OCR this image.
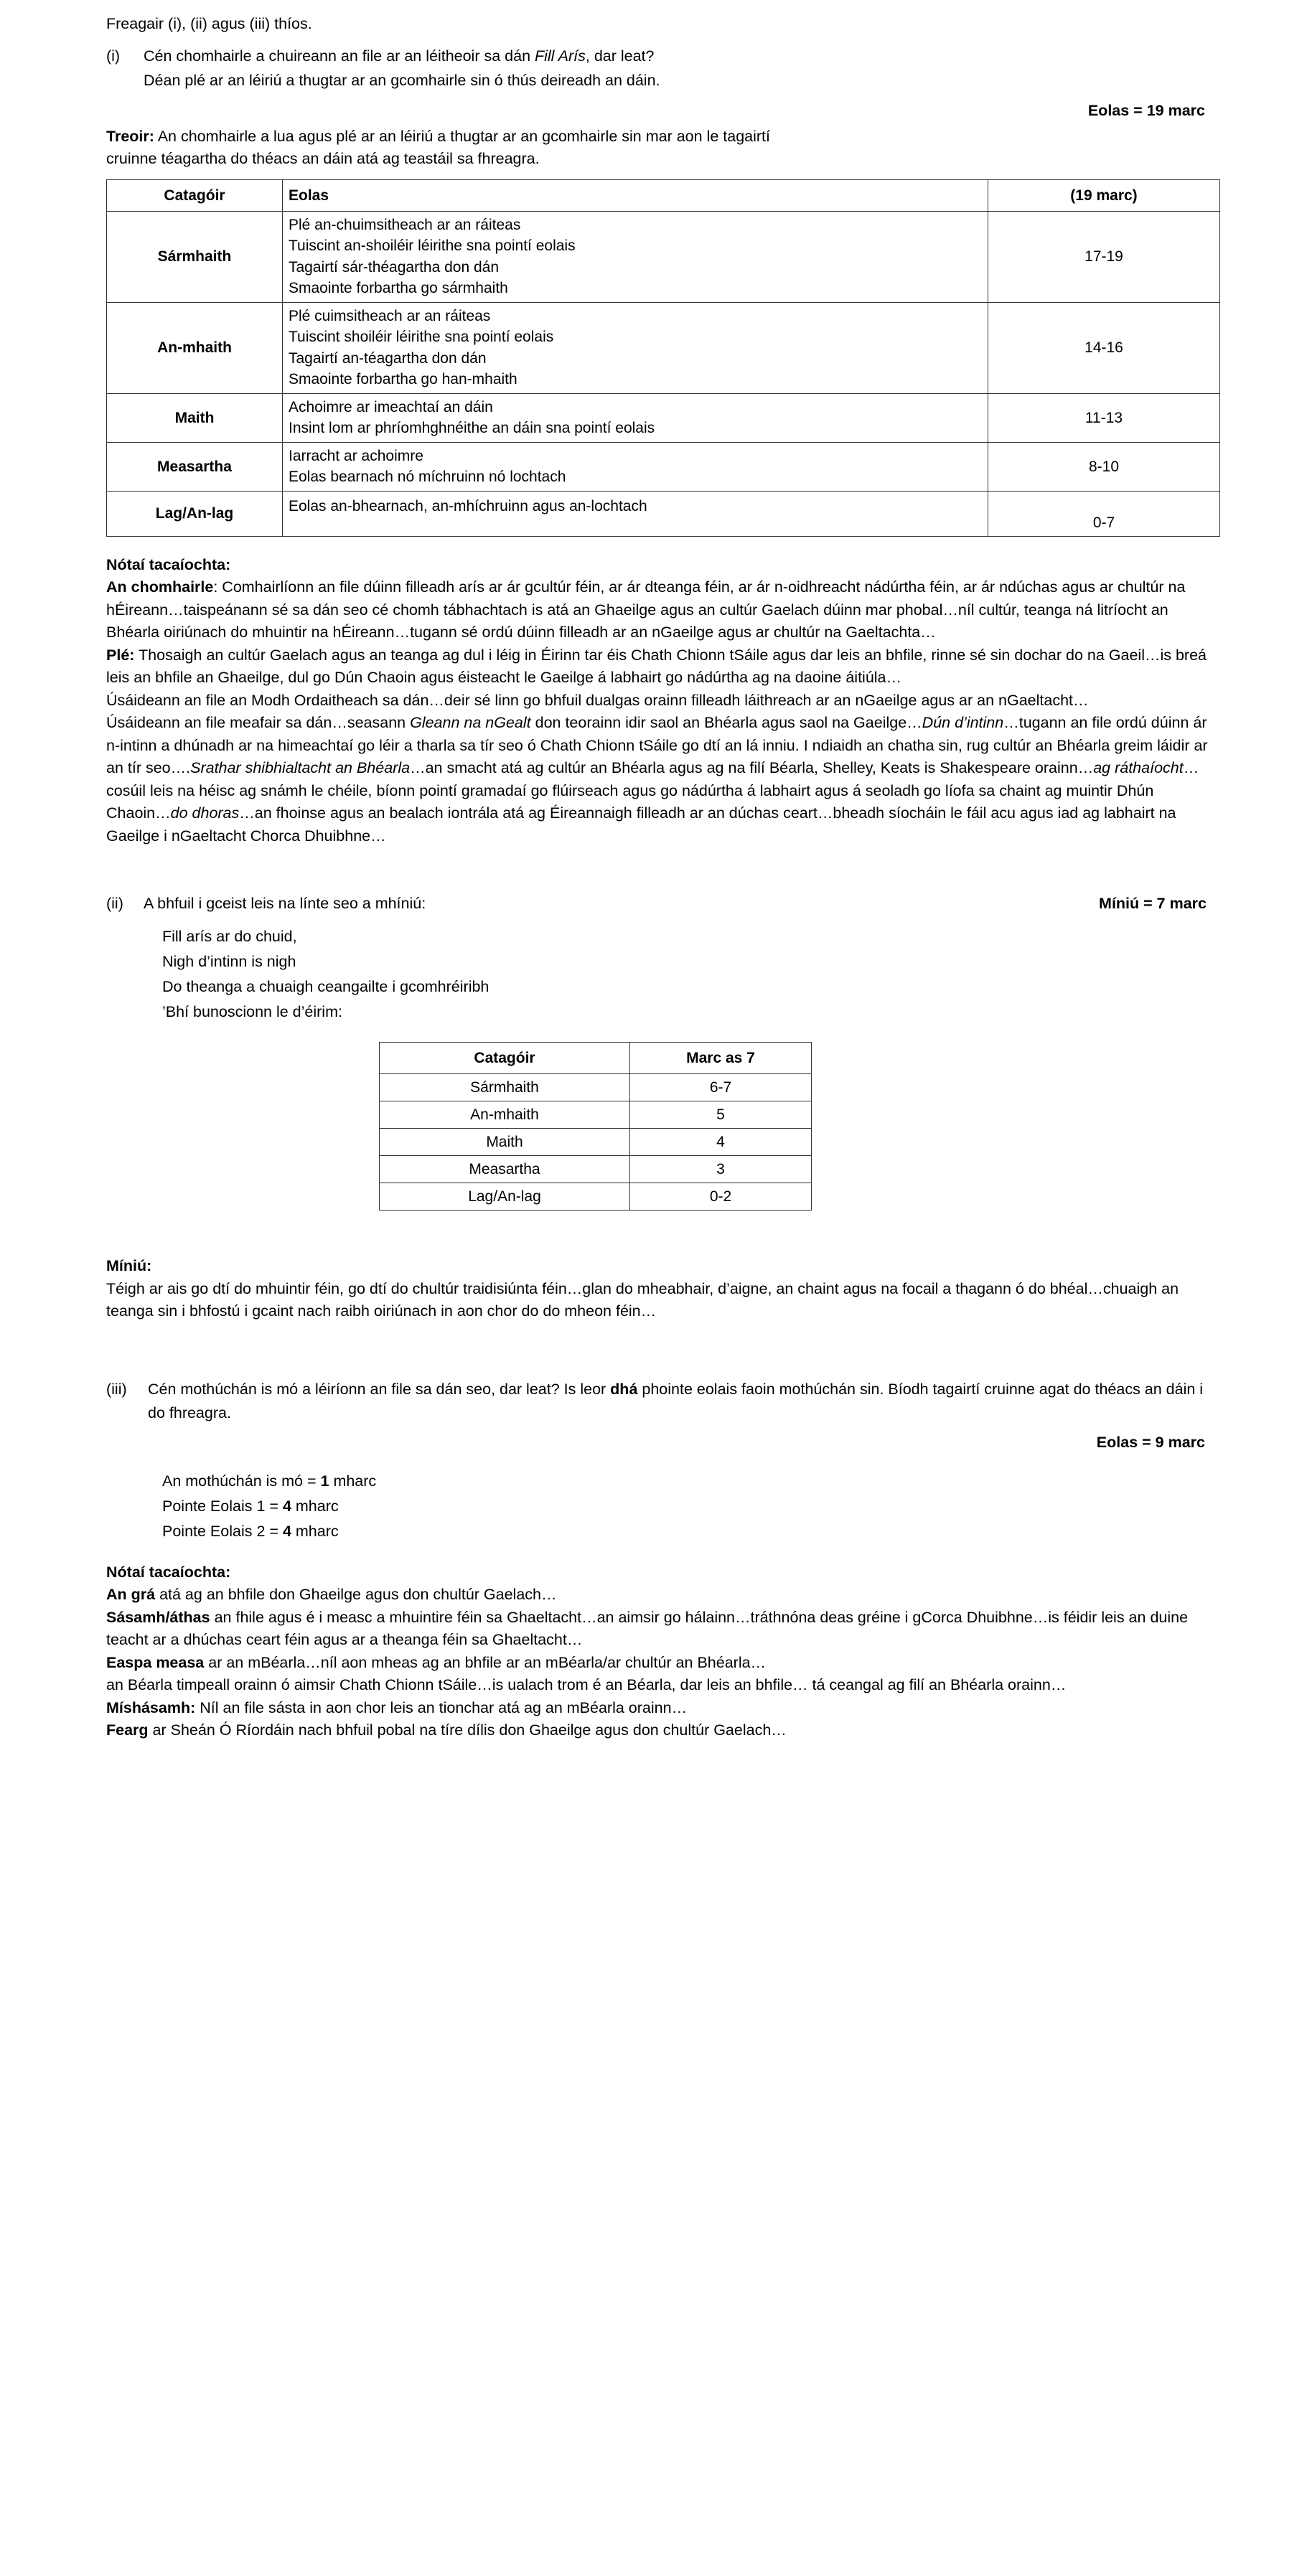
Freagair (i), (ii) agus (iii) thíos.
(i)	Cén chomhairle a chuireann an file ar an léitheoir sa dán Fill Arís, dar leat?
Déan plé ar an léiriú a thugtar ar an gcomhairle sin ó thús deireadh an dáin.
Eolas = 19 marc
Treoir: An chomhairle a lua agus plé ar an léiriú a thugtar ar an gcomhairle sin mar aon le tagairtí
cruinne téagartha do théacs an dáin atá ag teastáil sa fhreagra.
Catagóir	Eolas	(19 marc)
Sármhaith	Plé an-chuimsitheach ar an ráiteas
Tuiscint an-shoiléir léirithe sna pointí eolais
Tagairtí sár-théagartha don dán
Smaointe forbartha go sármhaith	17-19
An-mhaith	Plé cuimsitheach ar an ráiteas
Tuiscint shoiléir léirithe sna pointí eolais
Tagairtí an-téagartha don dán
Smaointe forbartha go han-mhaith	14-16
Maith	Achoimre ar imeachtaí an dáin
Insint lom ar phríomhghnéithe an dáin sna pointí eolais	11-13
Measartha	Iarracht ar achoimre
Eolas bearnach nó míchruinn nó lochtach	8-10
Lag/An-lag	Eolas an-bhearnach, an-mhíchruinn agus an-lochtach	0-7

Nótaí tacaíochta:

An chomhairle: Comhairlíonn an file dúinn filleadh arís ar ár gcultúr féin, ar ár dteanga féin, ar ár n-oidhreacht nádúrtha féin, ar ár ndúchas agus ar chultúr na hÉireann…taispeánann sé sa dán seo cé chomh tábhachtach is atá an Ghaeilge agus an cultúr Gaelach dúinn mar phobal…níl cultúr, teanga ná litríocht an Bhéarla oiriúnach do mhuintir na hÉireann…tugann sé ordú dúinn filleadh ar an nGaeilge agus ar chultúr na Gaeltachta…

Plé: Thosaigh an cultúr Gaelach agus an teanga ag dul i léig in Éirinn tar éis Chath Chionn tSáile agus dar leis an bhfile, rinne sé sin dochar do na Gaeil…is breá leis an bhfile an Ghaeilge, dul go Dún Chaoin agus éisteacht le Gaeilge á labhairt go nádúrtha ag na daoine áitiúla…

Úsáideann an file an Modh Ordaitheach sa dán…deir sé linn go bhfuil dualgas orainn filleadh láithreach ar an nGaeilge agus ar an nGaeltacht…

Úsáideann an file meafair sa dán…seasann Gleann na nGealt don teorainn idir saol an Bhéarla agus saol na Gaeilge…Dún d’intinn…tugann an file ordú dúinn ár n-intinn a dhúnadh ar na himeachtaí go léir a tharla sa tír seo ó Chath Chionn tSáile go dtí an lá inniu. I ndiaidh an chatha sin, rug cultúr an Bhéarla greim láidir ar an tír seo….Srathar shibhialtacht an Bhéarla…an smacht atá ag cultúr an Bhéarla agus ag na filí Béarla, Shelley, Keats is Shakespeare orainn…ag ráthaíocht…cosúil leis na héisc ag snámh le chéile, bíonn pointí gramadaí go flúirseach agus go nádúrtha á labhairt agus á seoladh go líofa sa chaint ag muintir Dhún Chaoin…do dhoras…an fhoinse agus an bealach iontrála atá ag Éireannaigh filleadh ar an dúchas ceart…bheadh síocháin le fáil acu agus iad ag labhairt na Gaeilge i nGaeltacht Chorca Dhuibhne…

(ii)	A bhfuil i gceist leis na línte seo a mhíniú:	Míniú = 7 marc
Fill arís ar do chuid,
Nigh d’intinn is nigh
Do theanga a chuaigh ceangailte i gcomhréiribh
’Bhí bunoscionn le d’éirim:
Catagóir	Marc as 7
Sármhaith	6-7
An-mhaith	5
Maith	4
Measartha	3
Lag/An-lag	0-2

Míniú:

Téigh ar ais go dtí do mhuintir féin, go dtí do chultúr traidisiúnta féin…glan do mheabhair, d’aigne, an chaint agus na focail a thagann ó do bhéal…chuaigh an teanga sin i bhfostú i gcaint nach raibh oiriúnach in aon chor do do mheon féin…

(iii)	Cén mothúchán is mó a léiríonn an file sa dán seo, dar leat? Is leor dhá phointe eolais faoin mothúchán sin. Bíodh tagairtí cruinne agat do théacs an dáin i do fhreagra.
Eolas = 9 marc
An mothúchán is mó = 1 mharc
Pointe Eolais 1 = 4 mharc
Pointe Eolais 2 = 4 mharc

Nótaí tacaíochta:

An grá atá ag an bhfile don Ghaeilge agus don chultúr Gaelach…

Sásamh/áthas an fhile agus é i measc a mhuintire féin sa Ghaeltacht…an aimsir go hálainn…tráthnóna deas gréine i gCorca Dhuibhne…is féidir leis an duine teacht ar a dhúchas ceart féin agus ar a theanga féin sa Ghaeltacht…

Easpa measa ar an mBéarla…níl aon mheas ag an bhfile ar an mBéarla/ar chultúr an Bhéarla…

an Béarla timpeall orainn ó aimsir Chath Chionn tSáile…is ualach trom é an Béarla, dar leis an bhfile… tá ceangal ag filí an Bhéarla orainn…

Míshásamh: Níl an file sásta in aon chor leis an tionchar atá ag an mBéarla orainn…

Fearg ar Sheán Ó Ríordáin nach bhfuil pobal na tíre dílis don Ghaeilge agus don chultúr Gaelach…
